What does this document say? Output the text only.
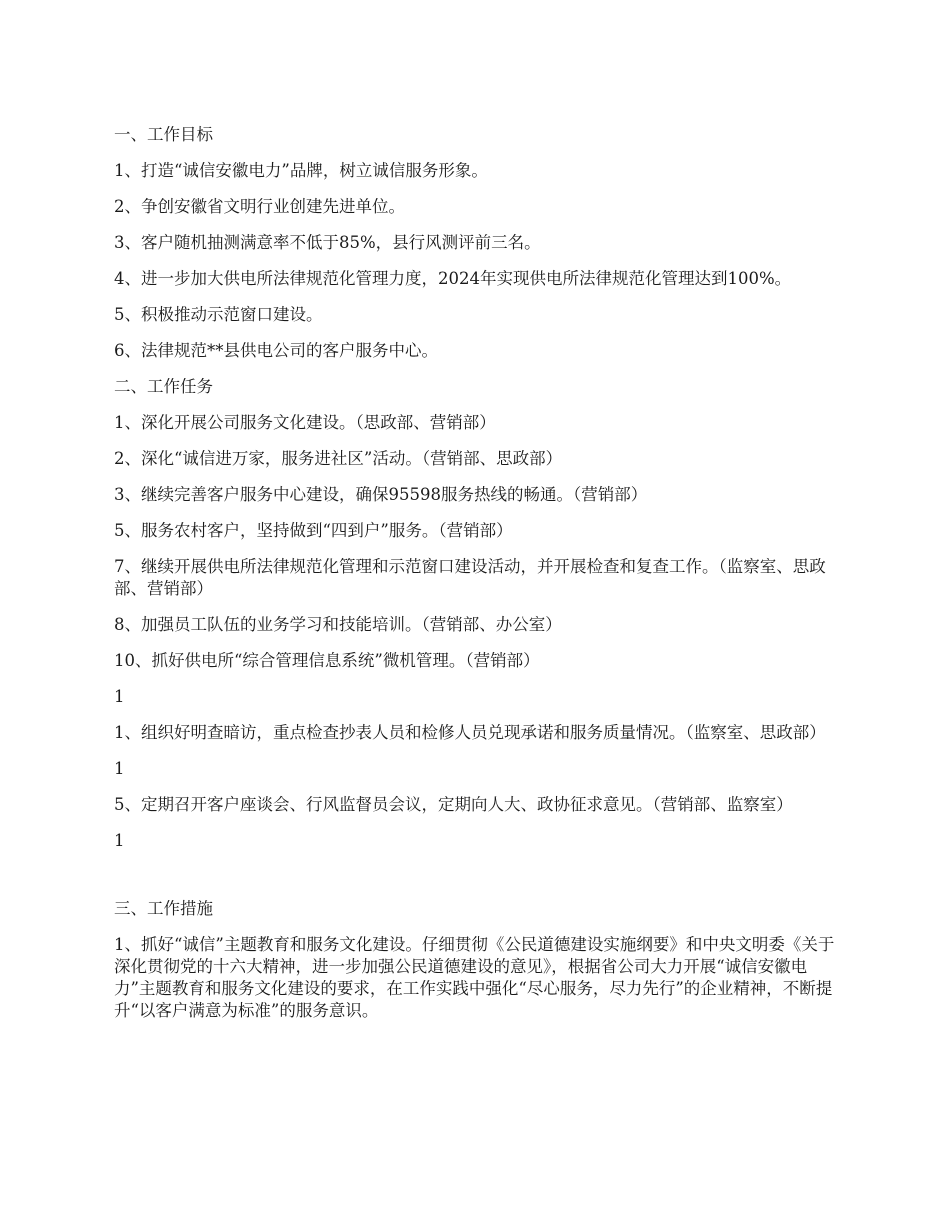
一、工作目标

1、打造“诚信安徽电力”品牌，树立诚信服务形象。

2、争创安徽省文明行业创建先进单位。

3、客户随机抽测满意率不低于85%，县行风测评前三名。

4、进一步加大供电所法律规范化管理力度，2024年实现供电所法律规范化管理达到100%。

5、积极推动示范窗口建设。

6、法律规范**县供电公司的客户服务中心。

二、工作任务

1、深化开展公司服务文化建设。（思政部、营销部）

2、深化“诚信进万家，服务进社区”活动。（营销部、思政部）

3、继续完善客户服务中心建设，确保95598服务热线的畅通。（营销部）

5、服务农村客户，坚持做到“四到户”服务。（营销部）

7、继续开展供电所法律规范化管理和示范窗口建设活动，并开展检查和复查工作。（监察室、思政部、营销部）

8、加强员工队伍的业务学习和技能培训。（营销部、办公室）

10、抓好供电所“综合管理信息系统”微机管理。（营销部）

1

1、组织好明查暗访，重点检查抄表人员和检修人员兑现承诺和服务质量情况。（监察室、思政部）

1

5、定期召开客户座谈会、行风监督员会议，定期向人大、政协征求意见。（营销部、监察室）

1

三、工作措施

1、抓好“诚信”主题教育和服务文化建设。仔细贯彻《公民道德建设实施纲要》和中央文明委《关于深化贯彻党的十六大精神，进一步加强公民道德建设的意见》，根据省公司大力开展“诚信安徽电力”主题教育和服务文化建设的要求，在工作实践中强化“尽心服务，尽力先行”的企业精神，不断提升“以客户满意为标准”的服务意识。
